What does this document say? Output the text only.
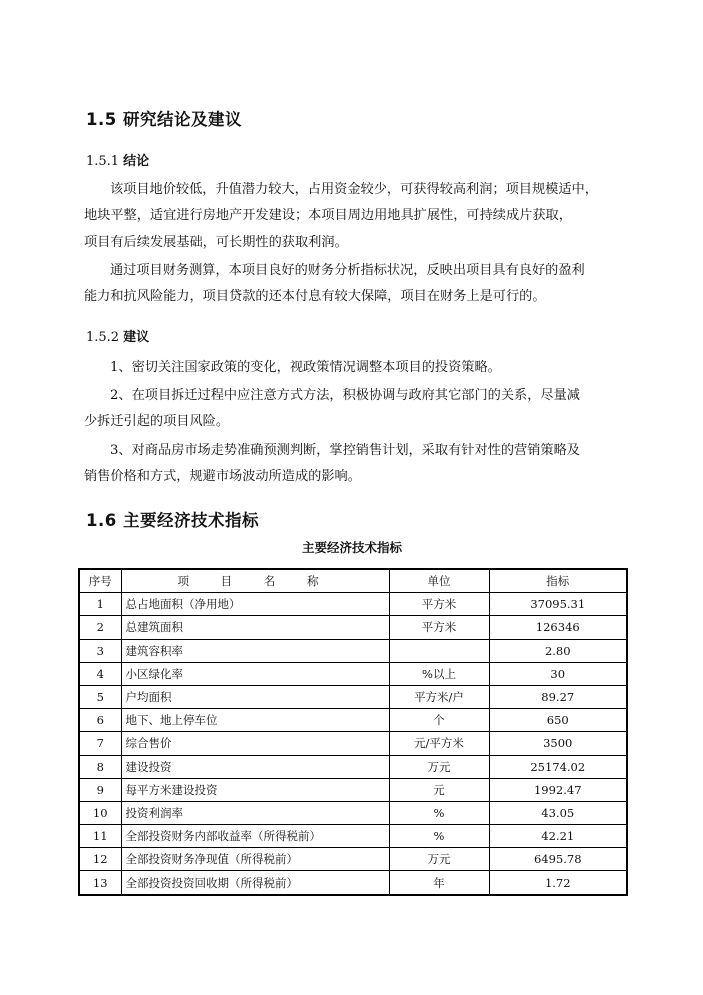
1.5 研究结论及建议
1.5.1 结论
该项目地价较低，升值潜力较大，占用资金较少，可获得较高利润；项目规模适中，
地块平整，适宜进行房地产开发建设；本项目周边用地具扩展性，可持续成片获取，
项目有后续发展基础，可长期性的获取利润。
通过项目财务测算，本项目良好的财务分析指标状况，反映出项目具有良好的盈利
能力和抗风险能力，项目贷款的还本付息有较大保障，项目在财务上是可行的。
1.5.2 建议
1、密切关注国家政策的变化，视政策情况调整本项目的投资策略。
2、在项目拆迁过程中应注意方式方法，积极协调与政府其它部门的关系，尽量减
少拆迁引起的项目风险。
3、对商品房市场走势准确预测判断，掌控销售计划，采取有针对性的营销策略及
销售价格和方式，规避市场波动所造成的影响。
1.6 主要经济技术指标
主要经济技术指标
序号	项 目 名 称	单位	指标
1	总占地面积（净用地）	平方米	37095.31
2	总建筑面积	平方米	126346
3	建筑容积率		2.80
4	小区绿化率	%以上	30
5	户均面积	平方米/户	89.27
6	地下、地上停车位	个	650
7	综合售价	元/平方米	3500
8	建设投资	万元	25174.02
9	每平方米建设投资	元	1992.47
10	投资利润率	%	43.05
11	全部投资财务内部收益率（所得税前）	%	42.21
12	全部投资财务净现值（所得税前）	万元	6495.78
13	全部投资投资回收期（所得税前）	年	1.72
